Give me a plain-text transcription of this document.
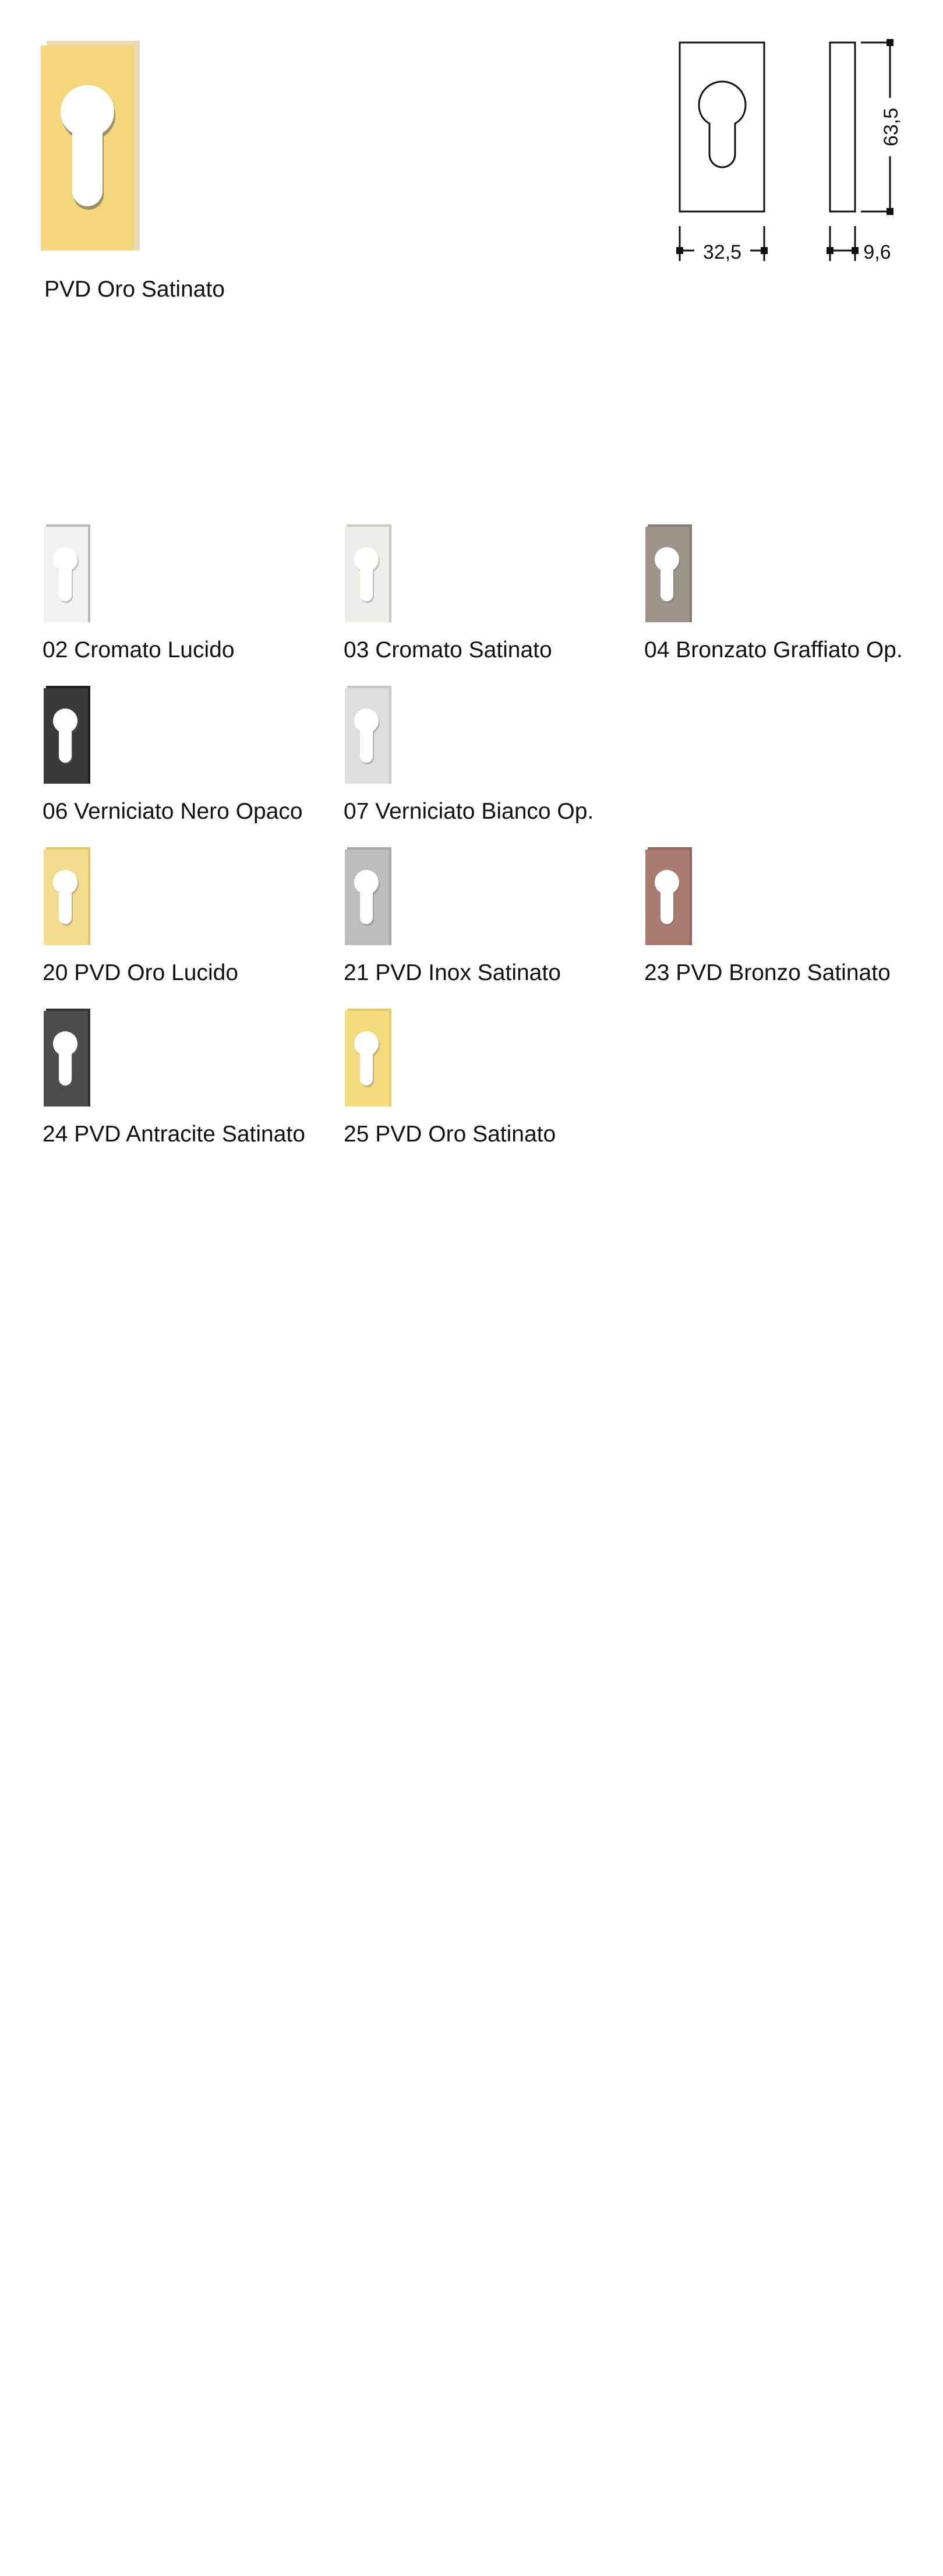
PVD Oro Satinato
32,5
63,5
9,6
02 Cromato Lucido	03 Cromato Satinato	04 Bronzato Graffiato Op.
06 Verniciato Nero Opaco 07 Verniciato Bianco Op.
20 PVD Oro Lucido	21 PVD Inox Satinato	23 PVD Bronzo Satinato
24 PVD Antracite Satinato 25 PVD Oro Satinato
